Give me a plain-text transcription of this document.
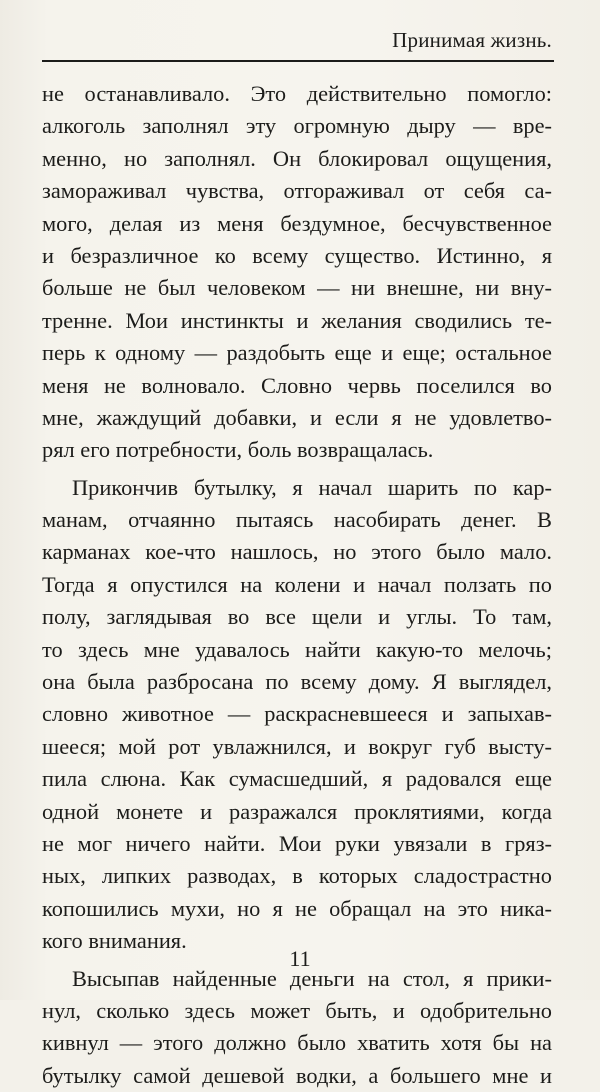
Принимая жизнь.
не останавливало. Это действительно помогло:
алкоголь заполнял эту огромную дыру — вре-
менно, но заполнял. Он блокировал ощущения,
замораживал чувства, отгораживал от себя са-
мого, делая из меня бездумное, бесчувственное
и безразличное ко всему существо. Истинно, я
больше не был человеком — ни внешне, ни вну-
тренне. Мои инстинкты и желания сводились те-
перь к одному — раздобыть еще и еще; остальное
меня не волновало. Словно червь поселился во
мне, жаждущий добавки, и если я не удовлетво-
рял его потребности, боль возвращалась.
Прикончив бутылку, я начал шарить по кар-
манам, отчаянно пытаясь насобирать денег. В
карманах кое-что нашлось, но этого было мало.
Тогда я опустился на колени и начал ползать по
полу, заглядывая во все щели и углы. То там,
то здесь мне удавалось найти какую-то мелочь;
она была разбросана по всему дому. Я выглядел,
словно животное — раскрасневшееся и запыхав-
шееся; мой рот увлажнился, и вокруг губ высту-
пила слюна. Как сумасшедший, я радовался еще
одной монете и разражался проклятиями, когда
не мог ничего найти. Мои руки увязали в гряз-
ных, липких разводах, в которых сладострастно
копошились мухи, но я не обращал на это ника-
кого внимания.
Высыпав найденные деньги на стол, я прики-
нул, сколько здесь может быть, и одобрительно
кивнул — этого должно было хватить хотя бы на
бутылку самой дешевой водки, а большего мне и
11
